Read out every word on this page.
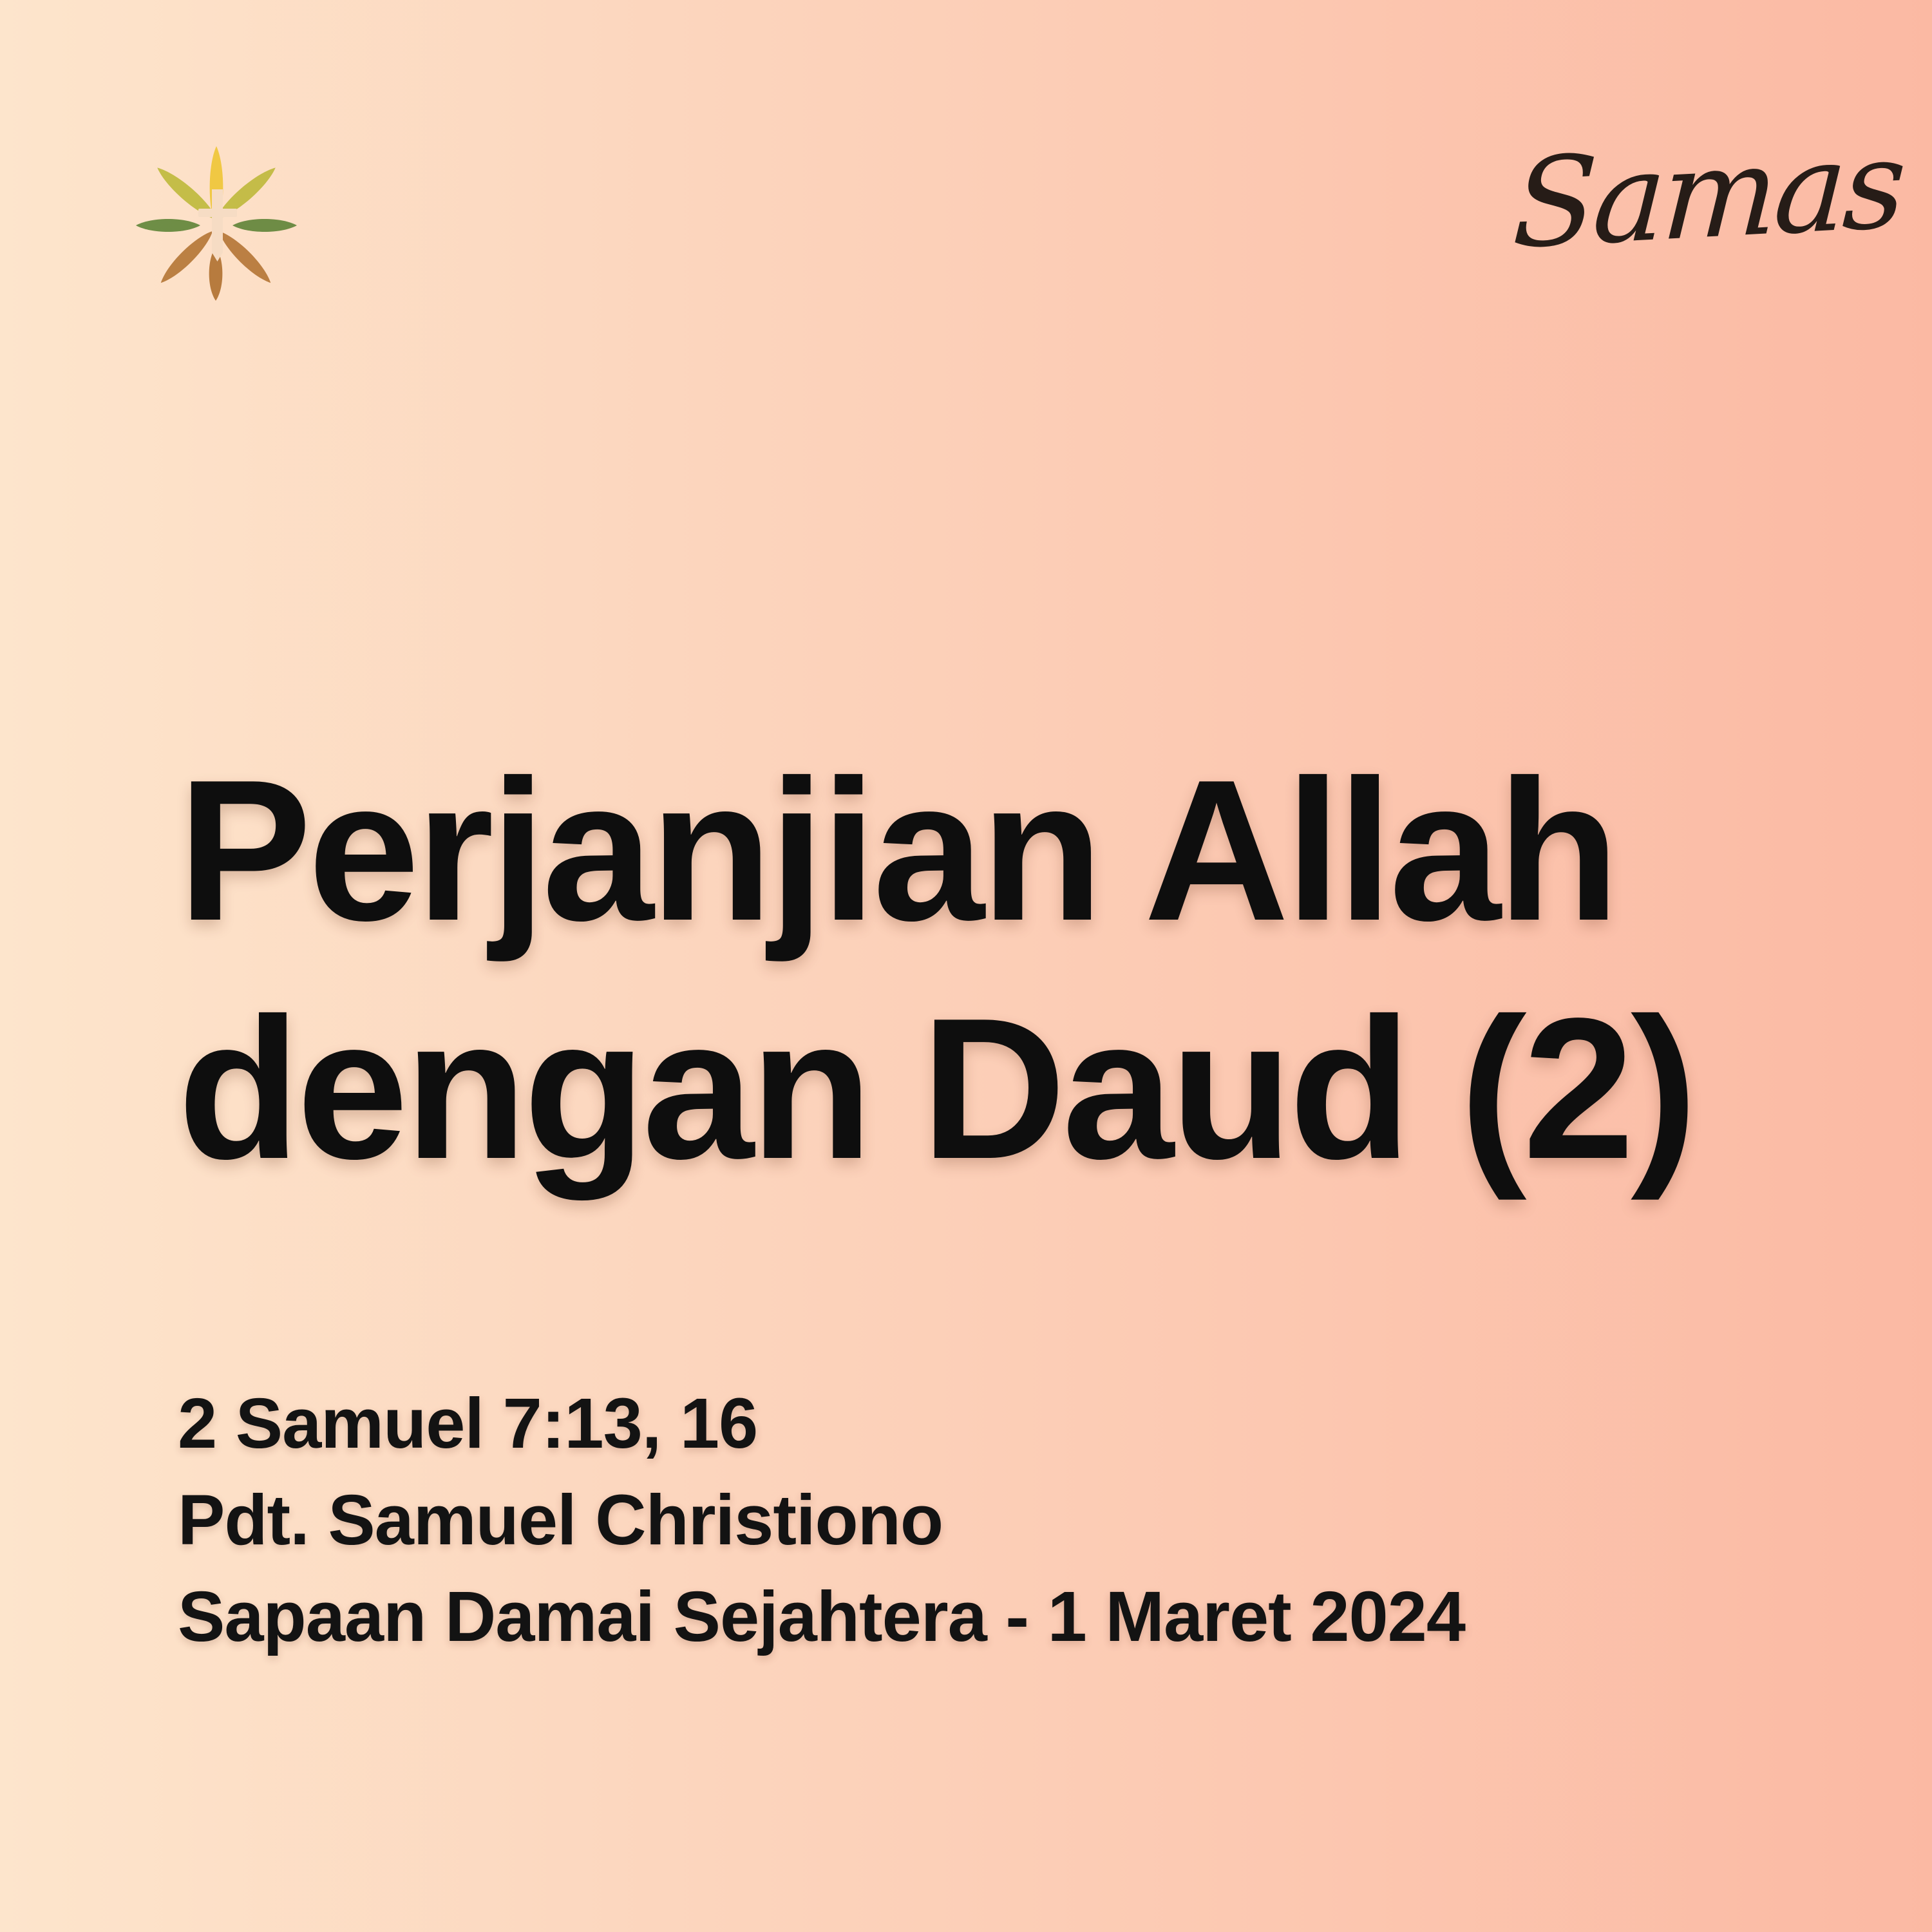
Samas
Perjanjian Allah
dengan Daud (2)
2 Samuel 7:13, 16
Pdt. Samuel Christiono
Sapaan Damai Sejahtera - 1 Maret 2024
